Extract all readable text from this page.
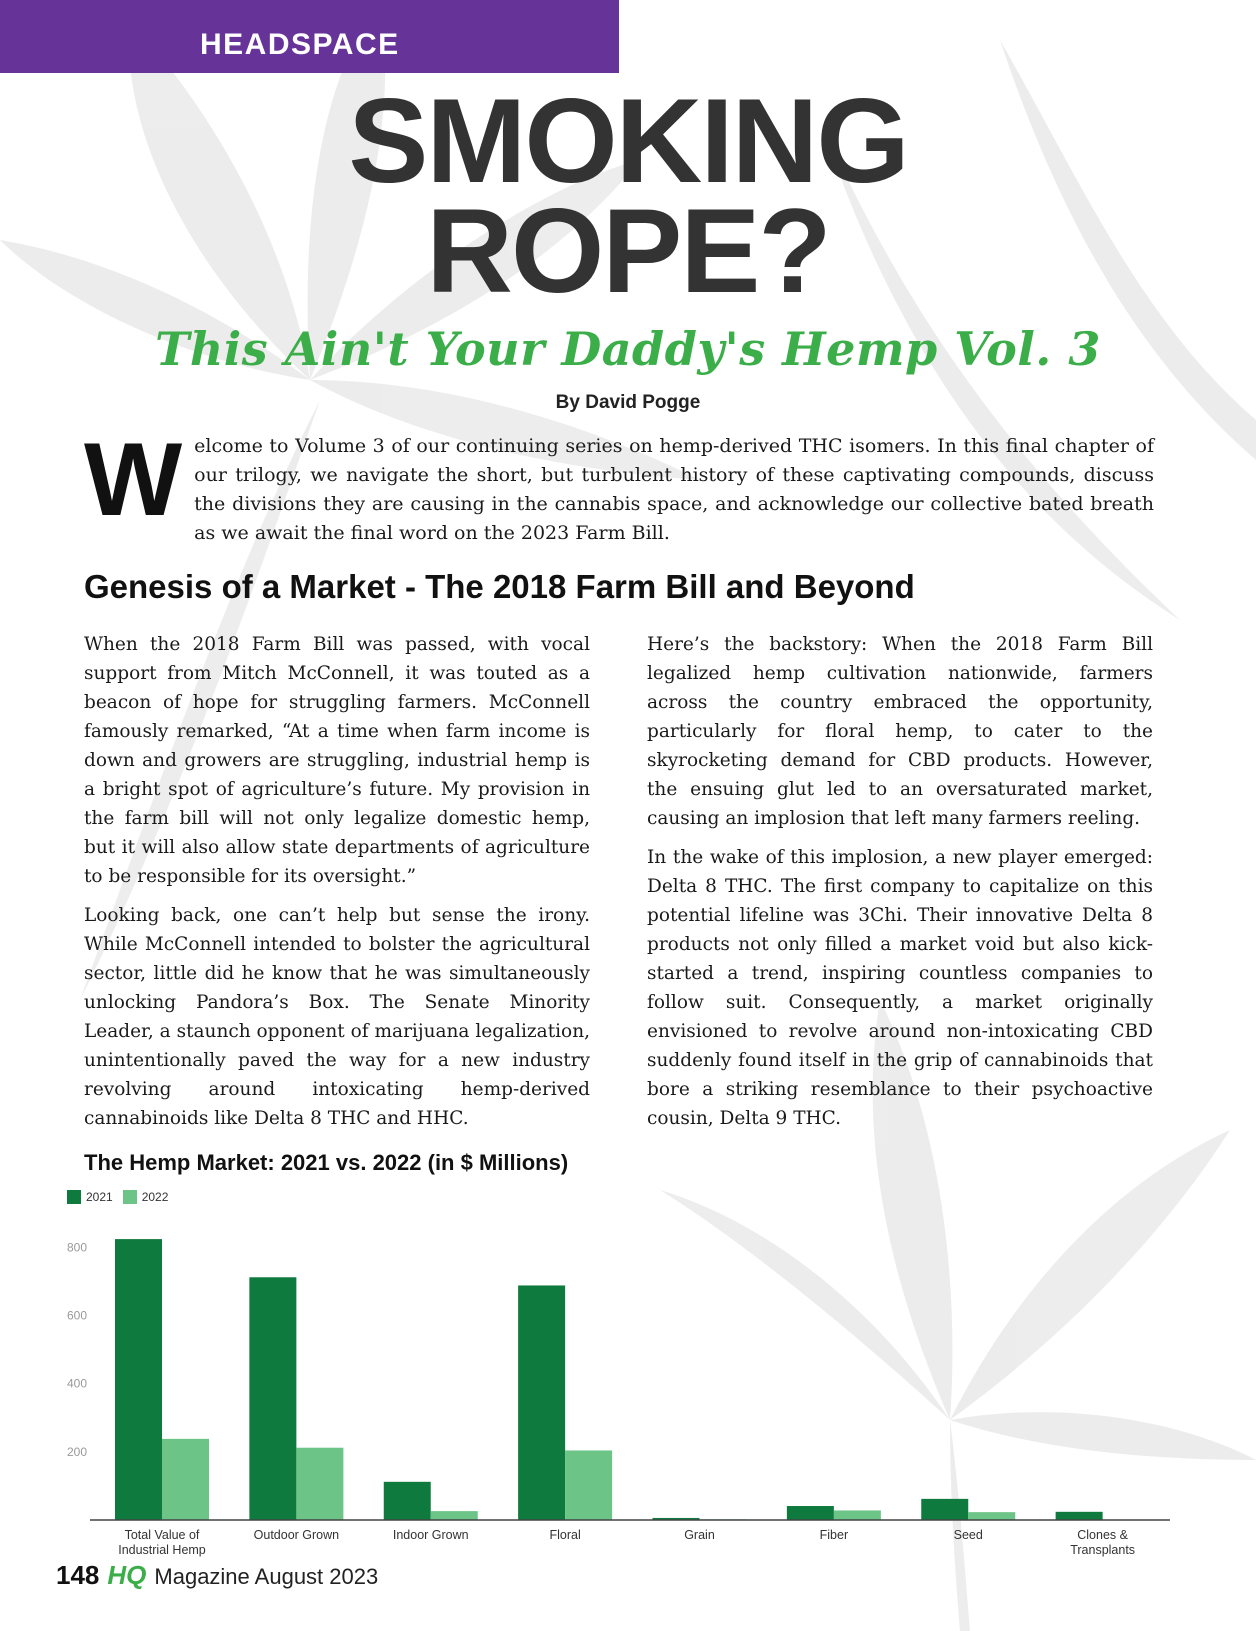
HEADSPACE
SMOKING
ROPE?
This Ain't Your Daddy's Hemp Vol. 3
By David Pogge
W elcome to Volume 3 of our continuing series on hemp-derived THC isomers. In this final chapter of our trilogy, we navigate the short, but turbulent history of these captivating compounds, discuss the divisions they are causing in the cannabis space, and acknowledge our collective bated breath as we await the final word on the 2023 Farm Bill.
Genesis of a Market - The 2018 Farm Bill and Beyond

When the 2018 Farm Bill was passed, with vocal support from Mitch McConnell, it was touted as a beacon of hope for struggling farmers. McConnell famously remarked, “At a time when farm income is down and growers are struggling, industrial hemp is a bright spot of agriculture’s future. My provision in the farm bill will not only legalize domestic hemp, but it will also allow state departments of agriculture to be responsible for its oversight.”

Looking back, one can’t help but sense the irony. While McConnell intended to bolster the agricultural sector, little did he know that he was simultaneously unlocking Pandora’s Box. The Senate Minority Leader, a staunch opponent of marijuana legalization, unintentionally paved the way for a new industry revolving around intoxicating hemp-derived cannabinoids like Delta 8 THC and HHC.

Here’s the backstory: When the 2018 Farm Bill legalized hemp cultivation nationwide, farmers across the country embraced the opportunity, particularly for floral hemp, to cater to the skyrocketing demand for CBD products. However, the ensuing glut led to an oversaturated market, causing an implosion that left many farmers reeling.

In the wake of this implosion, a new player emerged: Delta 8 THC. The first company to capitalize on this potential lifeline was 3Chi. Their innovative Delta 8 products not only filled a market void but also kick-started a trend, inspiring countless companies to follow suit. Consequently, a market originally envisioned to revolve around non-intoxicating CBD suddenly found itself in the grip of cannabinoids that bore a striking resemblance to their psychoactive cousin, Delta 9 THC.

The Hemp Market: 2021 vs. 2022 (in $ Millions)
2021 2022
200
400
600
800
Total Value of
Industrial Hemp
Outdoor Grown	Indoor Grown	Floral	Grain	Fiber	Seed	Clones &
Transplants
148 HQ Magazine August 2023
